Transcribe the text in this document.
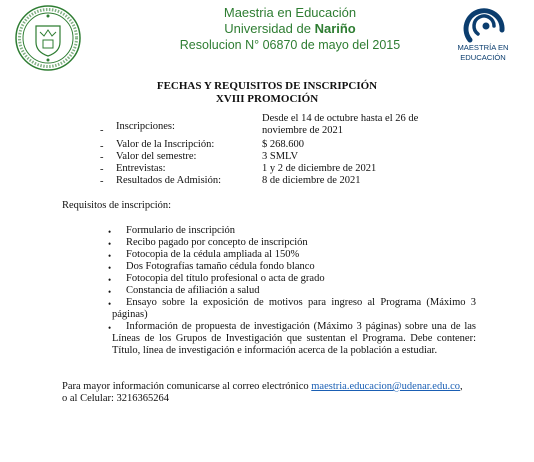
Maestria en Educación
Universidad de Nariño
Resolucion N° 06870 de mayo del 2015	MAESTRÍA EN
EDUCACIÓN
FECHAS Y REQUISITOS DE INSCRIPCIÓN
XVIII PROMOCIÓN
- Inscripciones:
Desde el 14 de octubre hasta el 26 de
noviembre de 2021
- Valor de la Inscripción:	$ 268.600
- Valor del semestre:	3 SMLV
- Entrevistas:	1 y 2 de diciembre de 2021
- Resultados de Admisión:	8 de diciembre de 2021
Requisitos de inscripción:
• Formulario de inscripción
• Recibo pagado por concepto de inscripción
• Fotocopia de la cédula ampliada al 150%
• Dos Fotografías tamaño cédula fondo blanco
• Fotocopia del título profesional o acta de grado
• Constancia de afiliación a salud
• Ensayo sobre la exposición de motivos para ingreso al Programa (Máximo 3
páginas)
• Información de propuesta de investigación (Máximo 3 páginas) sobre una de las
Líneas de los Grupos de Investigación que sustentan el Programa. Debe contener:
Título, línea de investigación e información acerca de la población a estudiar.
Para mayor información comunicarse al correo electrónico maestria.educacion@udenar.edu.co,
o al Celular: 3216365264
